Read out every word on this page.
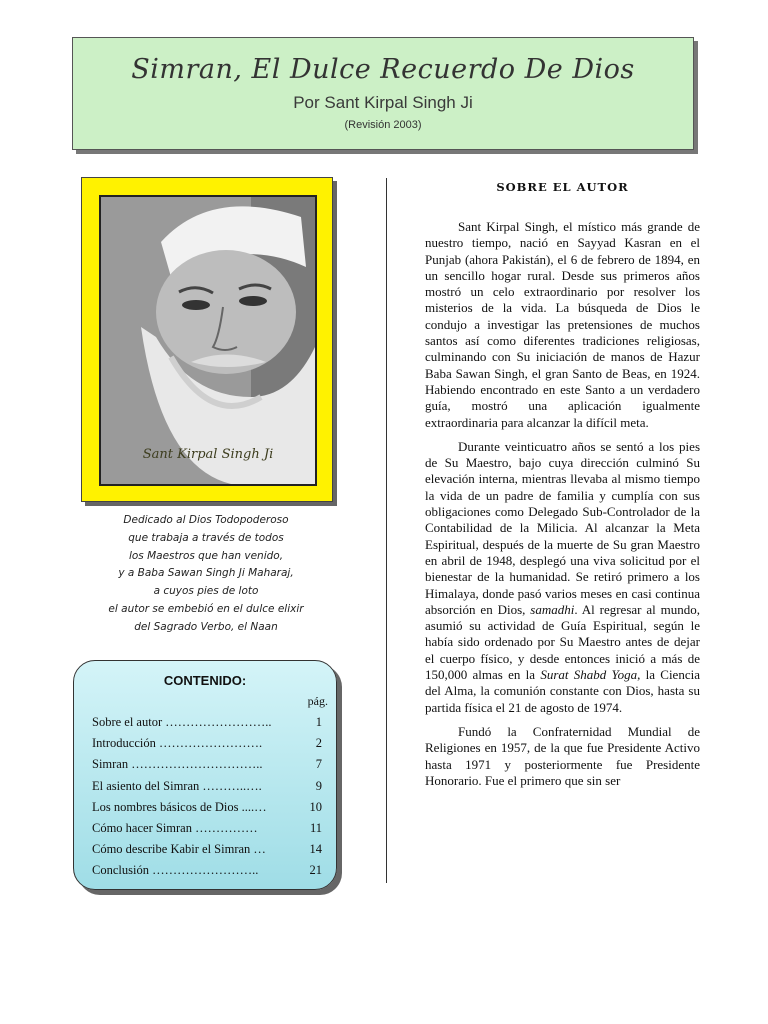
Simran, El Dulce Recuerdo De Dios
Por Sant Kirpal Singh Ji
(Revisión 2003)
Sant Kirpal Singh Ji
Dedicado al Dios Todopoderoso
que trabaja a través de todos
los Maestros que han venido,
y a Baba Sawan Singh Ji Maharaj,
a cuyos pies de loto
el autor se embebió en el dulce elixir
del Sagrado Verbo, el Naan
CONTENIDO:
pág.
Sobre el autor ……………………..	1
Introducción …………………….	2
Simran …………………………..	7
El asiento del Simran ………..….	9
Los nombres básicos de Dios ....…	10
Cómo hacer Simran ……………	11
Cómo describe Kabir el Simran …	14
Conclusión ……………………..	21
SOBRE EL AUTOR

Sant Kirpal Singh, el místico más grande de nuestro tiempo, nació en Sayyad Kasran en el Punjab (ahora Pakistán), el 6 de febrero de 1894, en un sencillo hogar rural. Desde sus primeros años mostró un celo extraordinario por resolver los misterios de la vida. La búsqueda de Dios le condujo a investigar las pretensiones de muchos santos así como diferentes tradiciones religiosas, culminando con Su iniciación de manos de Hazur Baba Sawan Singh, el gran Santo de Beas, en 1924. Habiendo encontrado en este Santo a un verdadero guía, mostró una aplicación igualmente extraordinaria para alcanzar la difícil meta.

Durante veinticuatro años se sentó a los pies de Su Maestro, bajo cuya dirección culminó Su elevación interna, mientras llevaba al mismo tiempo la vida de un padre de familia y cumplía con sus obligaciones como Delegado Sub-Controlador de la Contabilidad de la Milicia. Al alcanzar la Meta Espiritual, después de la muerte de Su gran Maestro en abril de 1948, desplegó una viva solicitud por el bienestar de la humanidad. Se retiró primero a los Himalaya, donde pasó varios meses en casi continua absorción en Dios, samadhi. Al regresar al mundo, asumió su actividad de Guía Espiritual, según le había sido ordenado por Su Maestro antes de dejar el cuerpo físico, y desde entonces inició a más de 150,000 almas en la Surat Shabd Yoga, la Ciencia del Alma, la comunión constante con Dios, hasta su partida física el 21 de agosto de 1974.

Fundó la Confraternidad Mundial de Religiones en 1957, de la que fue Presidente Activo hasta 1971 y posteriormente fue Presidente Honorario. Fue el primero que sin ser
